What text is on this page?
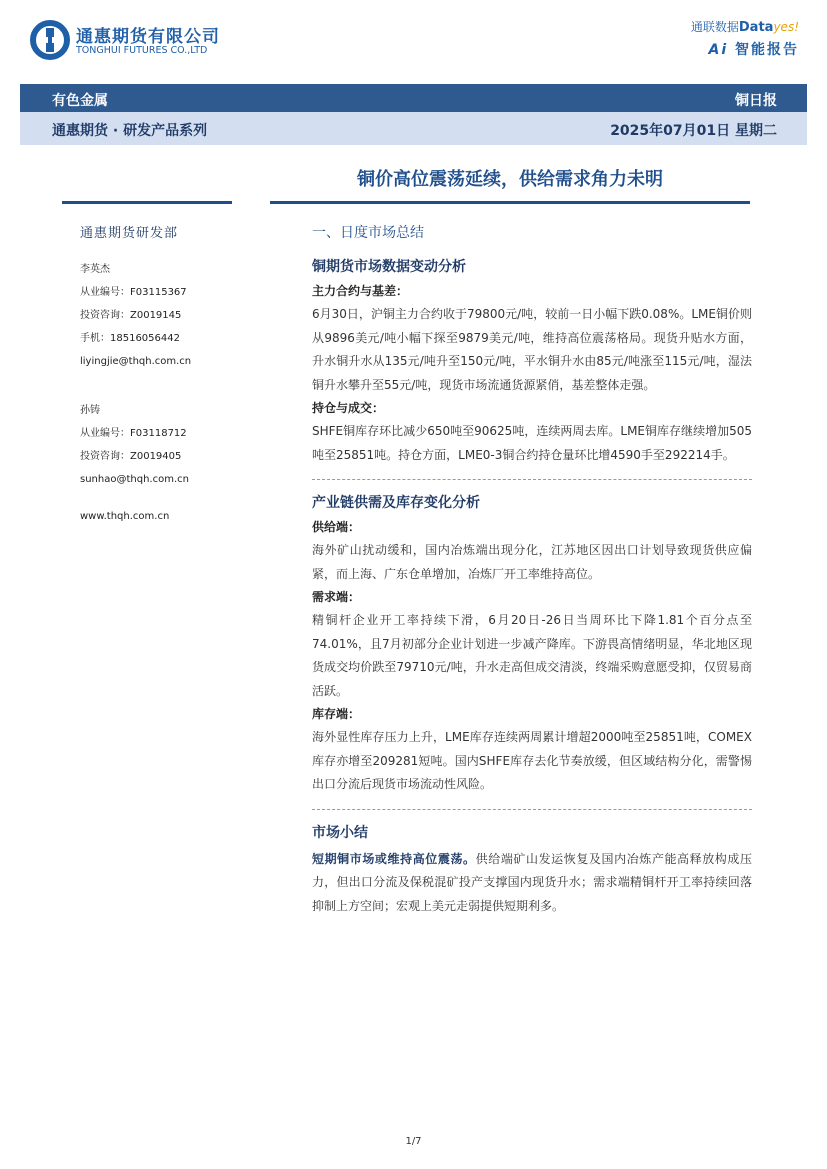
通惠期货有限公司
TONGHUI FUTURES CO.,LTD
通联数据Datayes!
Ai 智能报告
有色金属	铜日报
通惠期货 · 研发产品系列	2025年07月01日 星期二
铜价高位震荡延续，供给需求角力未明
通惠期货研发部
李英杰
从业编号：F03115367
投资咨询：Z0019145
手机：18516056442
liyingjie@thqh.com.cn
孙铸
从业编号：F03118712
投资咨询：Z0019405
sunhao@thqh.com.cn
www.thqh.com.cn
一、日度市场总结
铜期货市场数据变动分析
主力合约与基差：
6月30日，沪铜主力合约收于79800元/吨，较前一日小幅下跌0.08%。LME铜价则从9896美元/吨小幅下探至9879美元/吨，维持高位震荡格局。现货升贴水方面，升水铜升水从135元/吨升至150元/吨，平水铜升水由85元/吨涨至115元/吨，湿法铜升水攀升至55元/吨，现货市场流通货源紧俏，基差整体走强。
持仓与成交：
SHFE铜库存环比减少650吨至90625吨，连续两周去库。LME铜库存继续增加505吨至25851吨。持仓方面，LME0-3铜合约持仓量环比增4590手至292214手。
产业链供需及库存变化分析
供给端：
海外矿山扰动缓和，国内冶炼端出现分化，江苏地区因出口计划导致现货供应偏紧，而上海、广东仓单增加，冶炼厂开工率维持高位。
需求端：
精铜杆企业开工率持续下滑，6月20日-26日当周环比下降1.81个百分点至74.01%，且7月初部分企业计划进一步减产降库。下游畏高情绪明显，华北地区现货成交均价跌至79710元/吨，升水走高但成交清淡，终端采购意愿受抑，仅贸易商活跃。
库存端：
海外显性库存压力上升，LME库存连续两周累计增超2000吨至25851吨，COMEX库存亦增至209281短吨。国内SHFE库存去化节奏放缓，但区域结构分化，需警惕出口分流后现货市场流动性风险。
市场小结
短期铜市场或维持高位震荡。供给端矿山发运恢复及国内冶炼产能高释放构成压力，但出口分流及保税混矿投产支撑国内现货升水；需求端精铜杆开工率持续回落抑制上方空间；宏观上美元走弱提供短期利多。
1/7
